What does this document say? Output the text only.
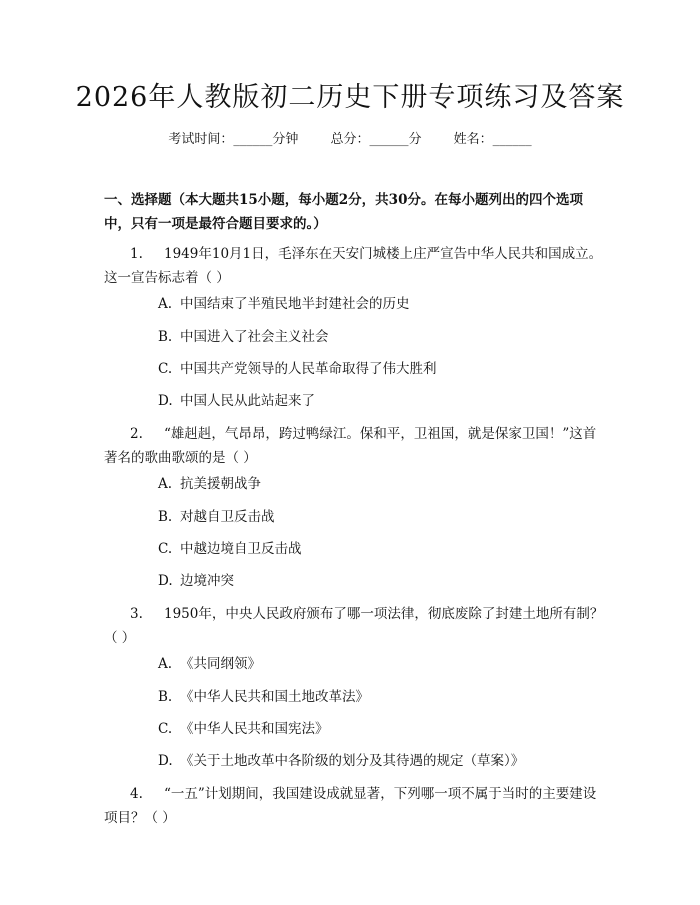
2026年人教版初二历史下册专项练习及答案
考试时间：______分钟 总分：______分 姓名：______
一、选择题（本大题共15小题，每小题2分，共30分。在每小题列出的四个选项中，只有一项是最符合题目要求的。）
1. 1949年10月1日，毛泽东在天安门城楼上庄严宣告中华人民共和国成立。这一宣告标志着（ ）
A. 中国结束了半殖民地半封建社会的历史
B. 中国进入了社会主义社会
C. 中国共产党领导的人民革命取得了伟大胜利
D. 中国人民从此站起来了
2. “雄赳赳，气昂昂，跨过鸭绿江。保和平，卫祖国，就是保家卫国！”这首著名的歌曲歌颂的是（ ）
A. 抗美援朝战争
B. 对越自卫反击战
C. 中越边境自卫反击战
D. 边境冲突
3. 1950年，中央人民政府颁布了哪一项法律，彻底废除了封建土地所有制？（ ）
A. 《共同纲领》
B. 《中华人民共和国土地改革法》
C. 《中华人民共和国宪法》
D. 《关于土地改革中各阶级的划分及其待遇的规定（草案）》
4. “一五”计划期间，我国建设成就显著，下列哪一项不属于当时的主要建设项目？（ ）
